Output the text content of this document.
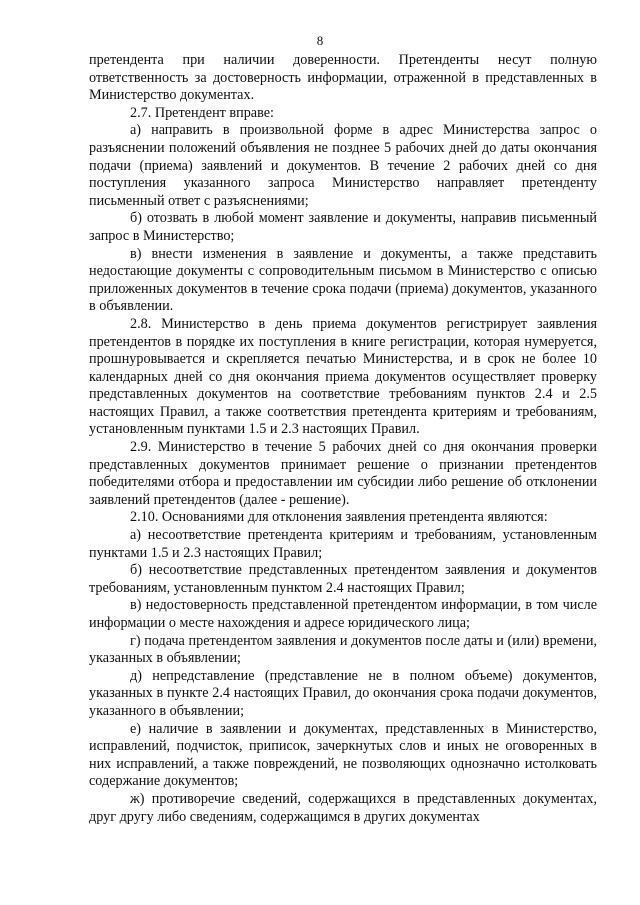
8

претендента при наличии доверенности. Претенденты несут полную ответственность за достоверность информации, отраженной в представленных в Министерство документах.

2.7. Претендент вправе:

а) направить в произвольной форме в адрес Министерства запрос о разъяснении положений объявления не позднее 5 рабочих дней до даты окончания подачи (приема) заявлений и документов. В течение 2 рабочих дней со дня поступления указанного запроса Министерство направляет претенденту письменный ответ с разъяснениями;

б) отозвать в любой момент заявление и документы, направив письменный запрос в Министерство;

в) внести изменения в заявление и документы, а также представить недостающие документы с сопроводительным письмом в Министерство с описью приложенных документов в течение срока подачи (приема) документов, указанного в объявлении.

2.8. Министерство в день приема документов регистрирует заявления претендентов в порядке их поступления в книге регистрации, которая нумеруется, прошнуровывается и скрепляется печатью Министерства, и в срок не более 10 календарных дней со дня окончания приема документов осуществляет проверку представленных документов на соответствие требованиям пунктов 2.4 и 2.5 настоящих Правил, а также соответствия претендента критериям и требованиям, установленным пунктами 1.5 и 2.3 настоящих Правил.

2.9. Министерство в течение 5 рабочих дней со дня окончания проверки представленных документов принимает решение о признании претендентов победителями отбора и предоставлении им субсидии либо решение об отклонении заявлений претендентов (далее - решение).

2.10. Основаниями для отклонения заявления претендента являются:

а) несоответствие претендента критериям и требованиям, установленным пунктами 1.5 и 2.3 настоящих Правил;

б) несоответствие представленных претендентом заявления и документов требованиям, установленным пунктом 2.4 настоящих Правил;

в) недостоверность представленной претендентом информации, в том числе информации о месте нахождения и адресе юридического лица;

г) подача претендентом заявления и документов после даты и (или) времени, указанных в объявлении;

д) непредставление (представление не в полном объеме) документов, указанных в пункте 2.4 настоящих Правил, до окончания срока подачи документов, указанного в объявлении;

е) наличие в заявлении и документах, представленных в Министерство, исправлений, подчисток, приписок, зачеркнутых слов и иных не оговоренных в них исправлений, а также повреждений, не позволяющих однозначно истолковать содержание документов;

ж) противоречие сведений, содержащихся в представленных документах, друг другу либо сведениям, содержащимся в других документах
